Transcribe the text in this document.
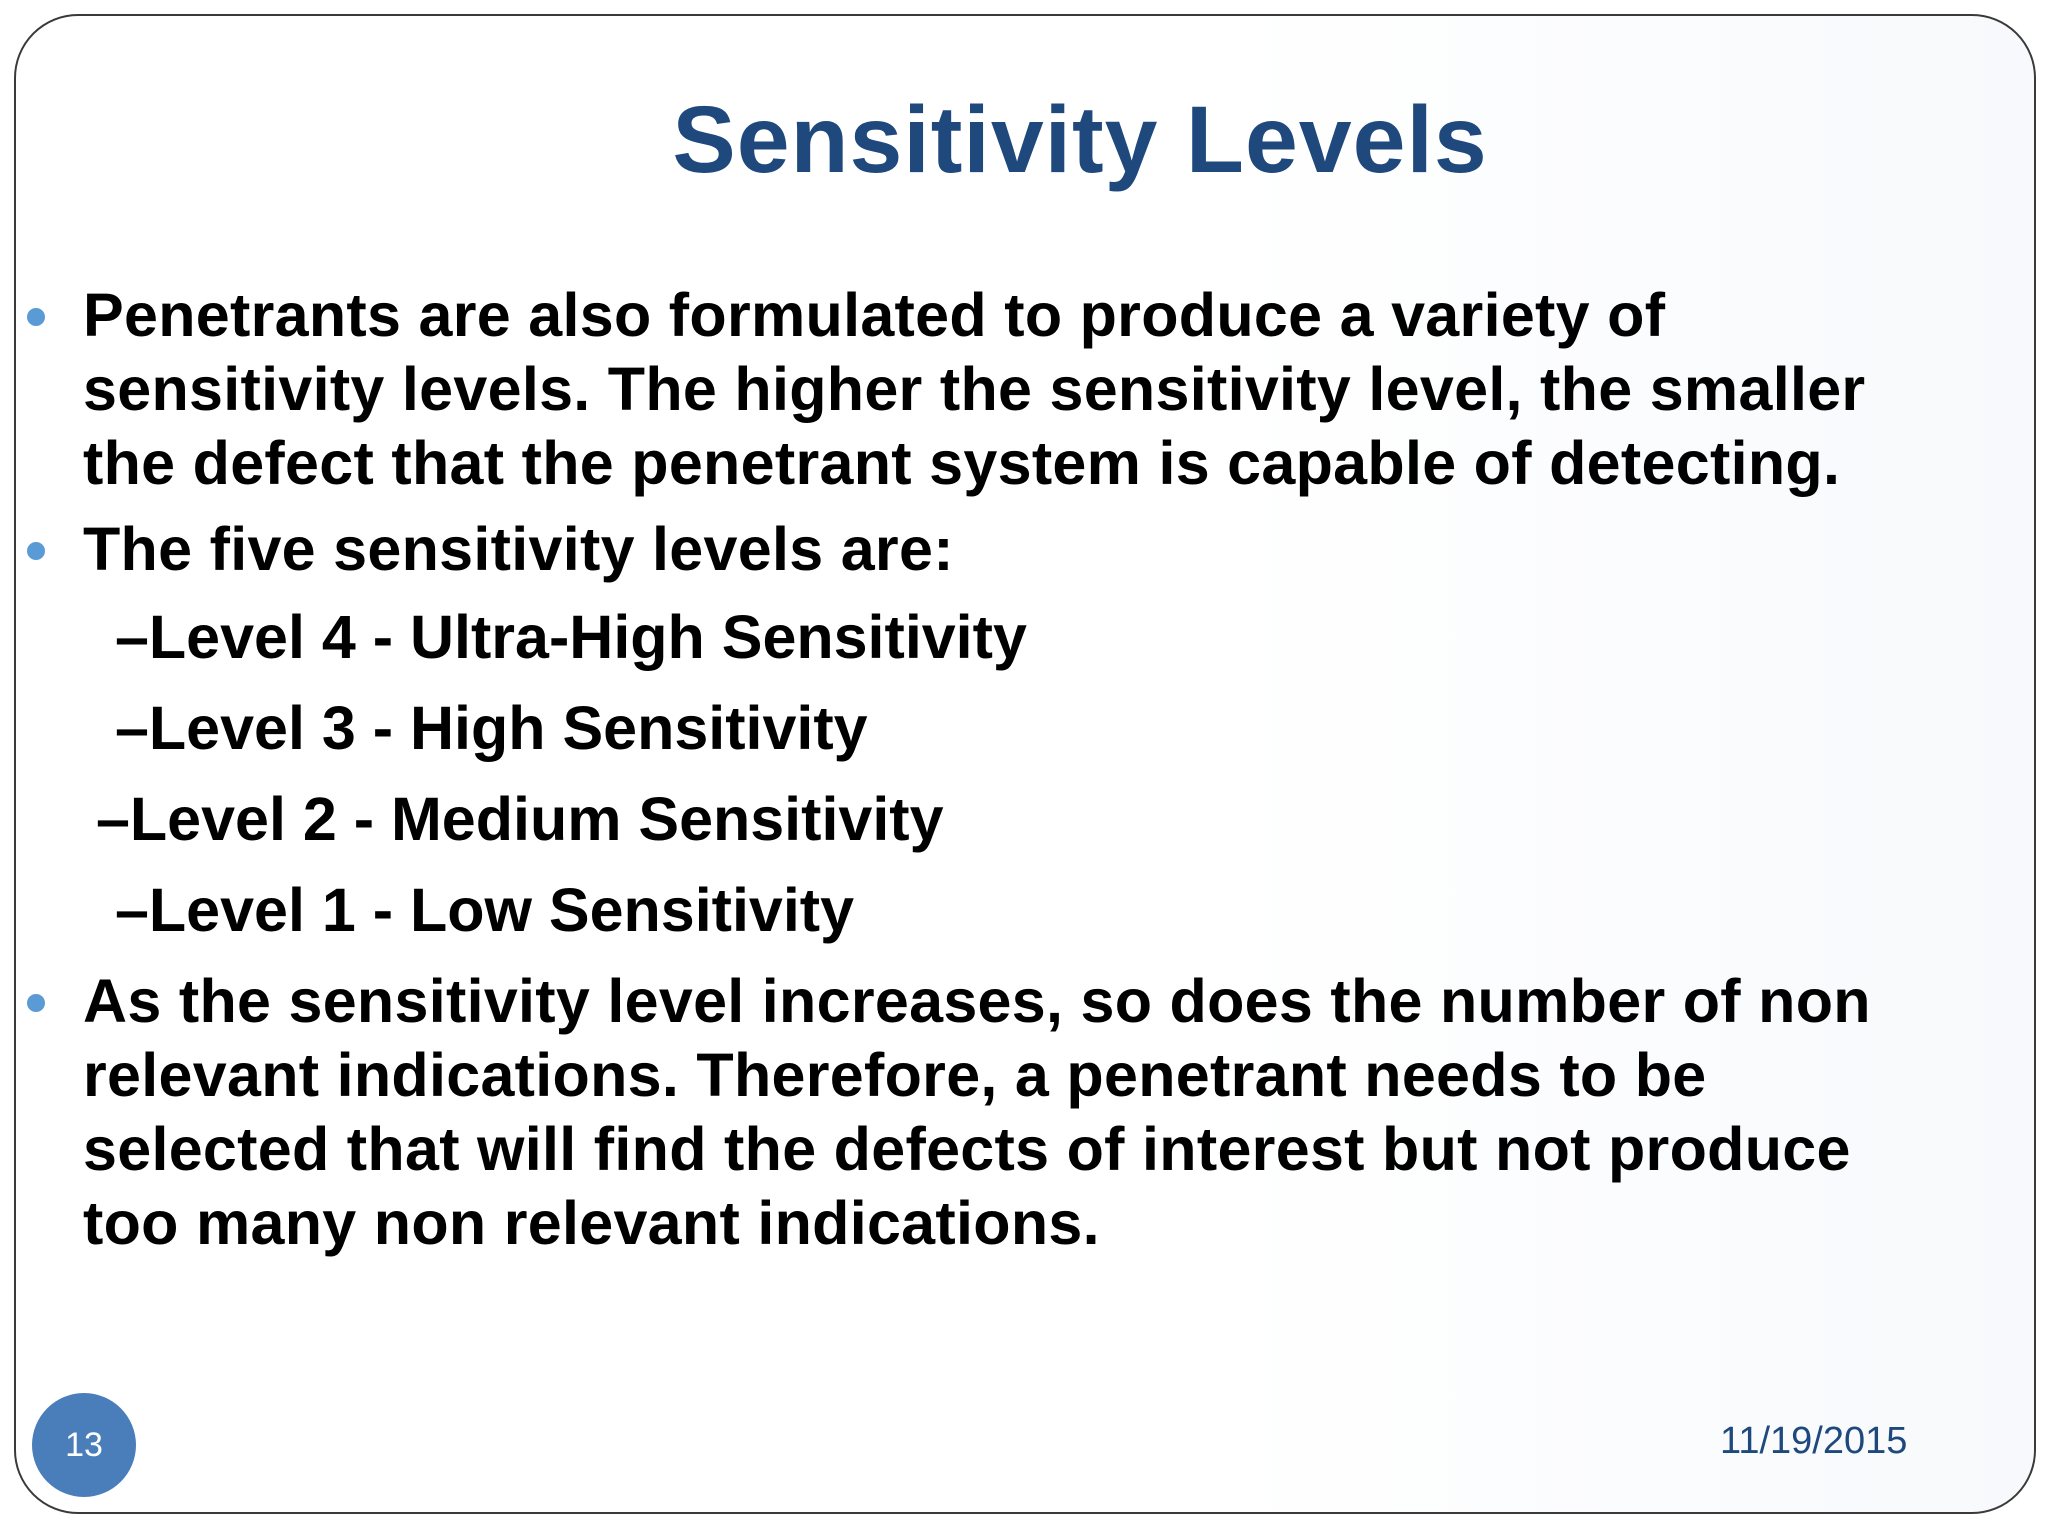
Sensitivity Levels
Penetrants are also formulated to produce a variety of sensitivity levels. The higher the sensitivity level, the smaller the defect that the penetrant system is capable of detecting.
The five sensitivity levels are:
–Level 4 - Ultra-High Sensitivity
–Level 3 - High Sensitivity
–Level 2 - Medium Sensitivity
–Level 1 - Low Sensitivity
As the sensitivity level increases, so does the number of non relevant indications. Therefore, a penetrant needs to be selected that will find the defects of interest but not produce too many non relevant indications.
13	11/19/2015
